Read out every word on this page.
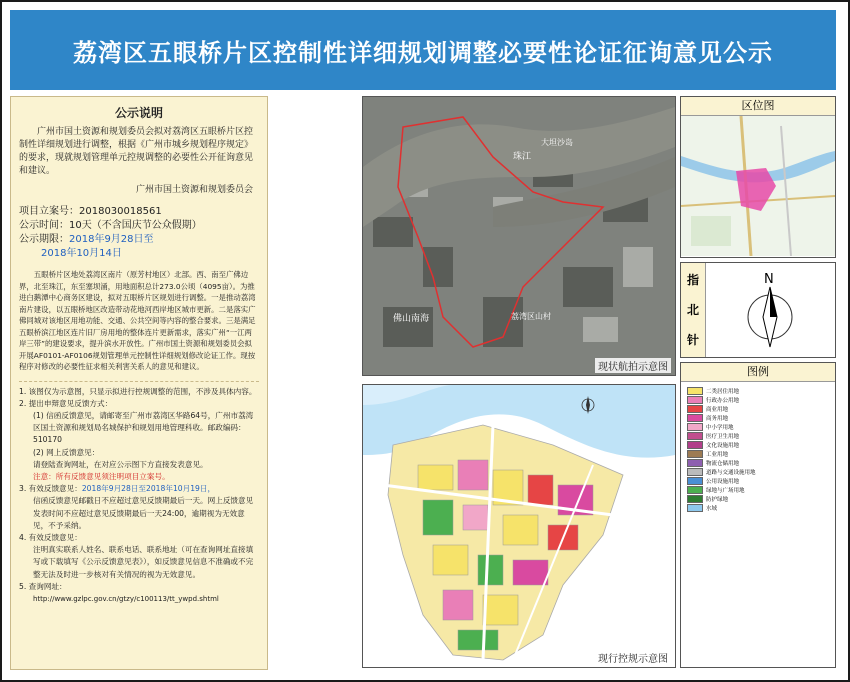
荔湾区五眼桥片区控制性详细规划调整必要性论证征询意见公示
公示说明

广州市国土资源和规划委员会拟对荔湾区五眼桥片区控制性详细规划进行调整，根据《广州市城乡规划程序规定》的要求，现就规划管理单元控规调整的必要性公开征询意见和建议。

广州市国土资源和规划委员会
项目立案号：2018030018561
公示时间：10天（不含国庆节公众假期）
公示期限：2018年9月28日至
2018年10月14日
五眼桥片区地处荔湾区南片（原芳村地区）北部。西、南至广佛边界，北至珠江，东至塞坝涌，用地面积总计273.0公顷（4095亩）。为推进白鹅潭中心商务区建设，拟对五眼桥片区规划进行调整。一是推动荔湾南片建设，以五眼桥地区改造带动花地河西岸地区城市更新。二是落实广佛同城对该地区用地功能、交通、公共空间等内容的整合要求。三是满足五眼桥滨江地区连片旧厂房用地的整体连片更新需求，落实广州“一江两岸三带”的建设要求，提升滨水开放性。广州市国土资源和规划委员会拟开展AF0101-AF0106规划管理单元控制性详细规划修改论证工作。现按程序对修改的必要性征求相关利害关系人的意见和建议。
1. 该图仅为示意图，只显示拟进行控规调整的范围，不涉及具体内容。
2. 提出申辩意见反馈方式：
(1) 信函反馈意见，请邮寄至广州市荔湾区华路64号，广州市荔湾区国土资源和规划局名城保护和规划用地管理科收。邮政编码：510170
(2) 网上反馈意见：
请登陆查询网址，在对应公示图下方直接发表意见。
注意：所有反馈意见须注明项目立案号。
3. 有效反馈意见：2018年9月28日至2018年10月19日，
信函反馈意见邮戳日不应超过意见反馈期最后一天。网上反馈意见发表时间不应超过意见反馈期最后一天24:00，逾期视为无效意见，不予采纳。
4. 有效反馈意见：
注明真实联系人姓名、联系电话、联系地址（可在查询网址直接填写或下载填写《公示反馈意见表》），如反馈意见信息不准确或不完整无法及时进一步核对有关情况的视为无效意见。
5. 查询网址：
http://www.gzlpc.gov.cn/gtzy/c100113/tt_ywpd.shtml
珠江
大坦沙岛
佛山南海	荔湾区山村
现状航拍示意图
现行控规示意图
区位图
指
北
针
N
图例
二类居住用地
行政办公用地
商业用地
商务用地
中小学用地
医疗卫生用地
文化设施用地
工业用地
物流仓储用地
道路与交通设施用地
公用设施用地
绿地与广场用地
防护绿地
水域
